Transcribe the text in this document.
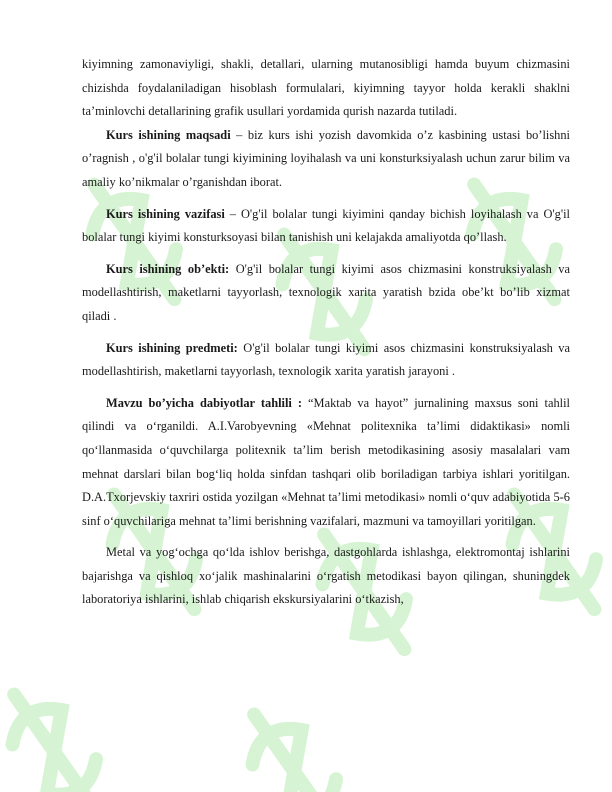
kiyimning zamonaviyligi, shakli, detallari, ularning mutanosibligi hamda buyum chizmasini chizishda foydalaniladigan hisoblash formulalari, kiyimning tayyor holda kerakli shaklni ta’minlovchi detallarining grafik usullari yordamida qurish nazarda tutiladi.

Kurs ishining maqsadi – biz kurs ishi yozish davomkida o’z kasbining ustasi bo’lishni o’ragnish , o'g'il bolalar tungi kiyimining loyihalash va uni konsturksiyalash uchun zarur bilim va amaliy ko’nikmalar o’rganishdan iborat.

Kurs ishining vazifasi – O'g'il bolalar tungi kiyimini qanday bichish loyihalash va O'g'il bolalar tungi kiyimi konsturksoyasi bilan tanishish uni kelajakda amaliyotda qo’llash.

Kurs ishining ob’ekti: O'g'il bolalar tungi kiyimi asos chizmasini konstruksiyalash va modellashtirish, maketlarni tayyorlash, texnologik xarita yaratish bzida obe’kt bo’lib xizmat qiladi .

Kurs ishining predmeti: O'g'il bolalar tungi kiyimi asos chizmasini konstruksiyalash va modellashtirish, maketlarni tayyorlash, texnologik xarita yaratish jarayoni .

Mavzu bo’yicha dabiyotlar tahlili : “Maktab va hayot” jurnalining maxsus soni tahlil qilindi va o‘rganildi. A.I.Varobyevning «Mehnat politexnika ta’limi didaktikasi» nomli qo‘llanmasida o‘quvchilarga politexnik ta’lim berish metodikasining asosiy masalalari vam mehnat darslari bilan bog‘liq holda sinfdan tashqari olib boriladigan tarbiya ishlari yoritilgan. D.A.Txorjevskiy taxriri ostida yozilgan «Mehnat ta’limi metodikasi» nomli o‘quv adabiyotida 5-6 sinf o‘quvchilariga mehnat ta’limi berishning vazifalari, mazmuni va tamoyillari yoritilgan.

Metal va yog‘ochga qo‘lda ishlov berishga, dastgohlarda ishlashga, elektromontaj ishlarini bajarishga va qishloq xo‘jalik mashinalarini o‘rgatish metodikasi bayon qilingan, shuningdek laboratoriya ishlarini, ishlab chiqarish ekskursiyalarini o‘tkazish,
